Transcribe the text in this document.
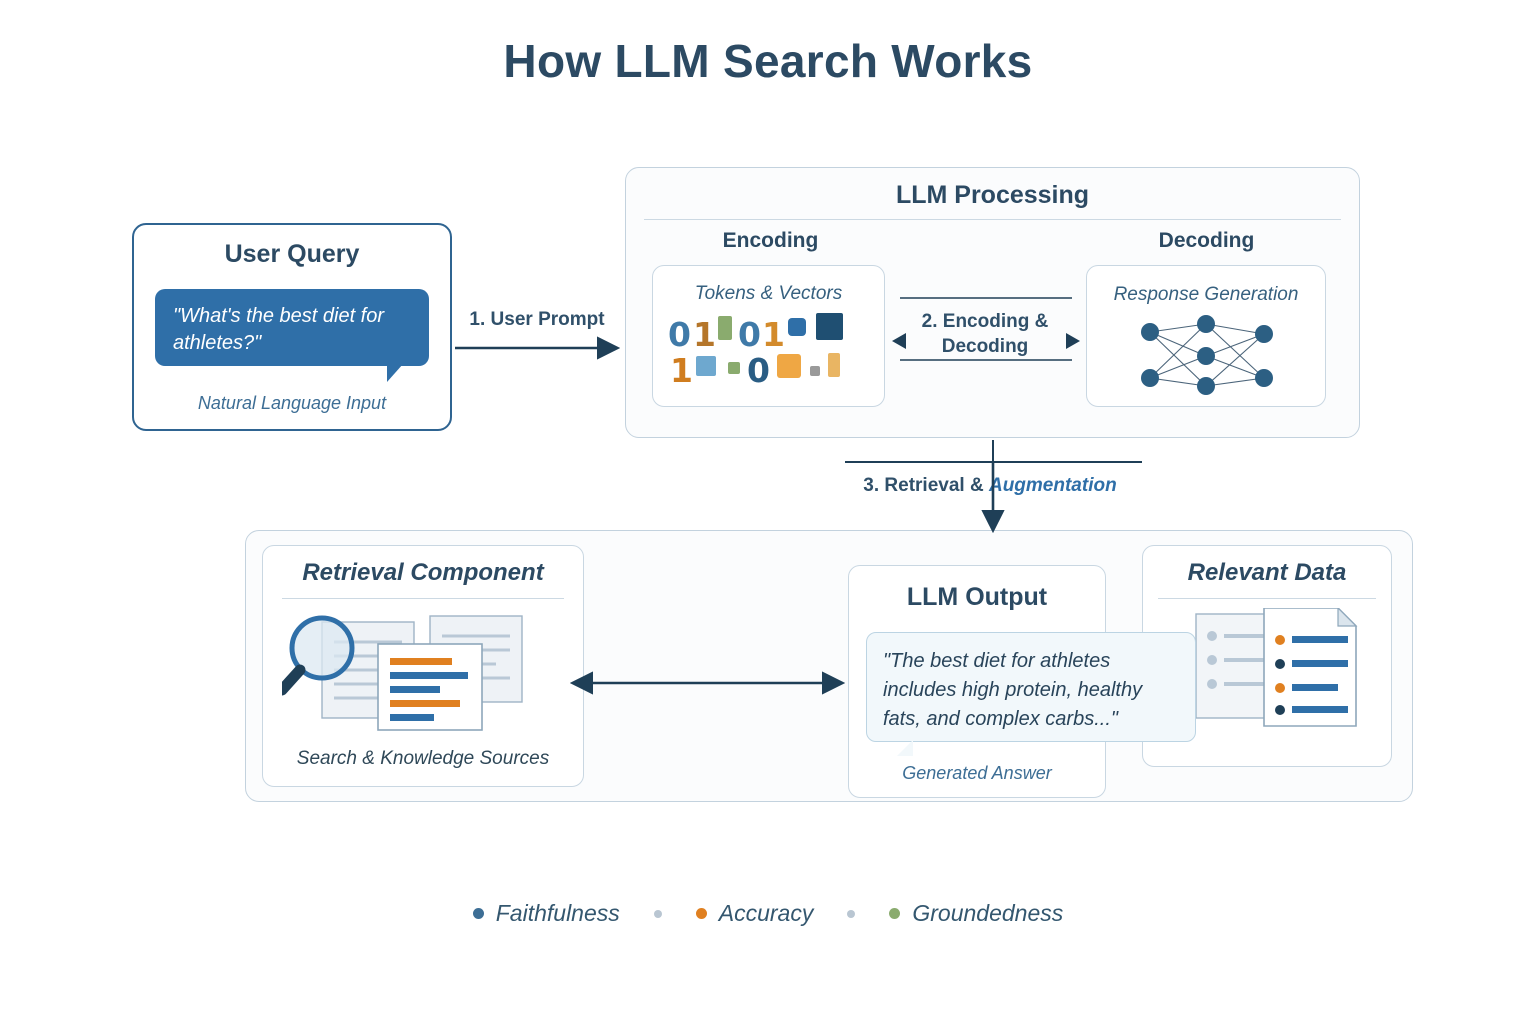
How LLM Search Works
User Query
"What's the best diet for athletes?"
Natural Language Input
LLM Processing
Encoding	Decoding
Tokens & Vectors
0 1 0 1
1 0
Response Generation
2. Encoding &
Decoding
1. User Prompt
3. Retrieval & Augmentation
Retrieval Component
Search & Knowledge Sources
Relevant Data
LLM Output
"The best diet for athletes includes high protein, healthy fats, and complex carbs..."
Generated Answer
Faithfulness	Accuracy	Groundedness
